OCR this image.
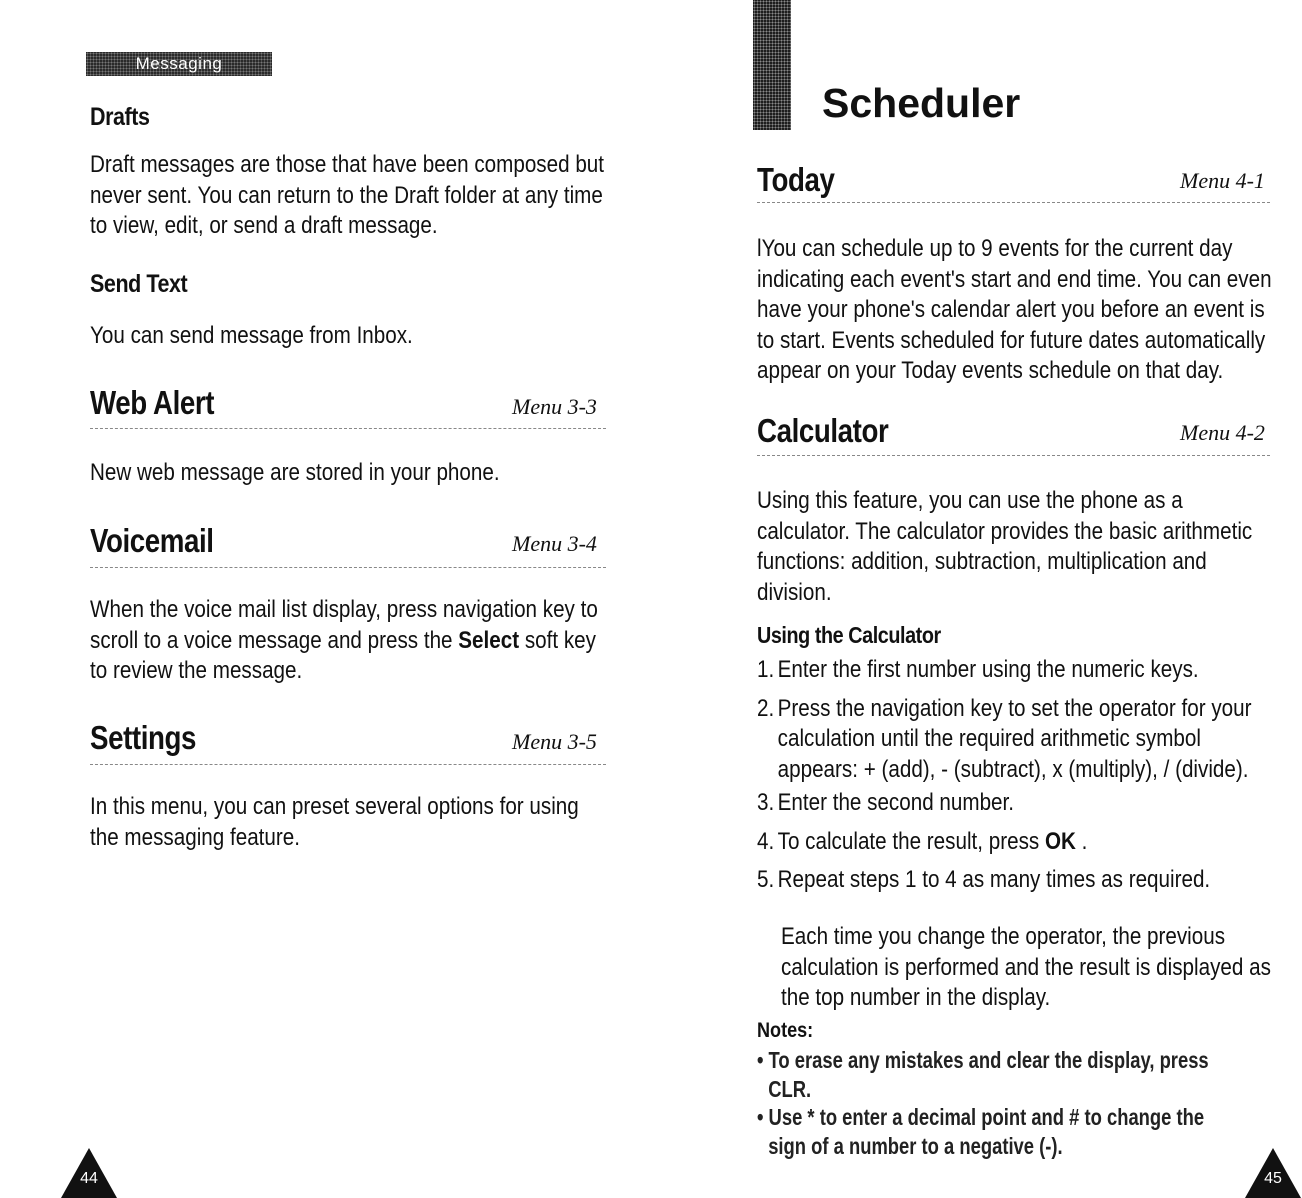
Messaging
Drafts
Draft messages are those that have been composed but
never sent. You can return to the Draft folder at any time
to view, edit, or send a draft message.
Send Text
You can send message from Inbox.
Web Alert	Menu 3-3
New web message are stored in your phone.
Voicemail	Menu 3-4
When the voice mail list display, press navigation key to
scroll to a voice message and press the Select soft key
to review the message.
Settings	Menu 3-5
In this menu, you can preset several options for using
the messaging feature.
44
Scheduler
Today	Menu 4-1
lYou can schedule up to 9 events for the current day
indicating each event's start and end time. You can even
have your phone's calendar alert you before an event is
to start. Events scheduled for future dates automatically
appear on your Today events schedule on that day.
Calculator	Menu 4-2
Using this feature, you can use the phone as a
calculator. The calculator provides the basic arithmetic
functions: addition, subtraction, multiplication and
division.
Using the Calculator
1. Enter the first number using the numeric keys.
2. Press the navigation key to set the operator for your
calculation until the required arithmetic symbol
appears: + (add), - (subtract), x (multiply), / (divide).
3. Enter the second number.
4. To calculate the result, press OK .
5. Repeat steps 1 to 4 as many times as required.
Each time you change the operator, the previous
calculation is performed and the result is displayed as
the top number in the display.
Notes:
• To erase any mistakes and clear the display, press
CLR.
• Use * to enter a decimal point and # to change the
sign of a number to a negative (-).
45
